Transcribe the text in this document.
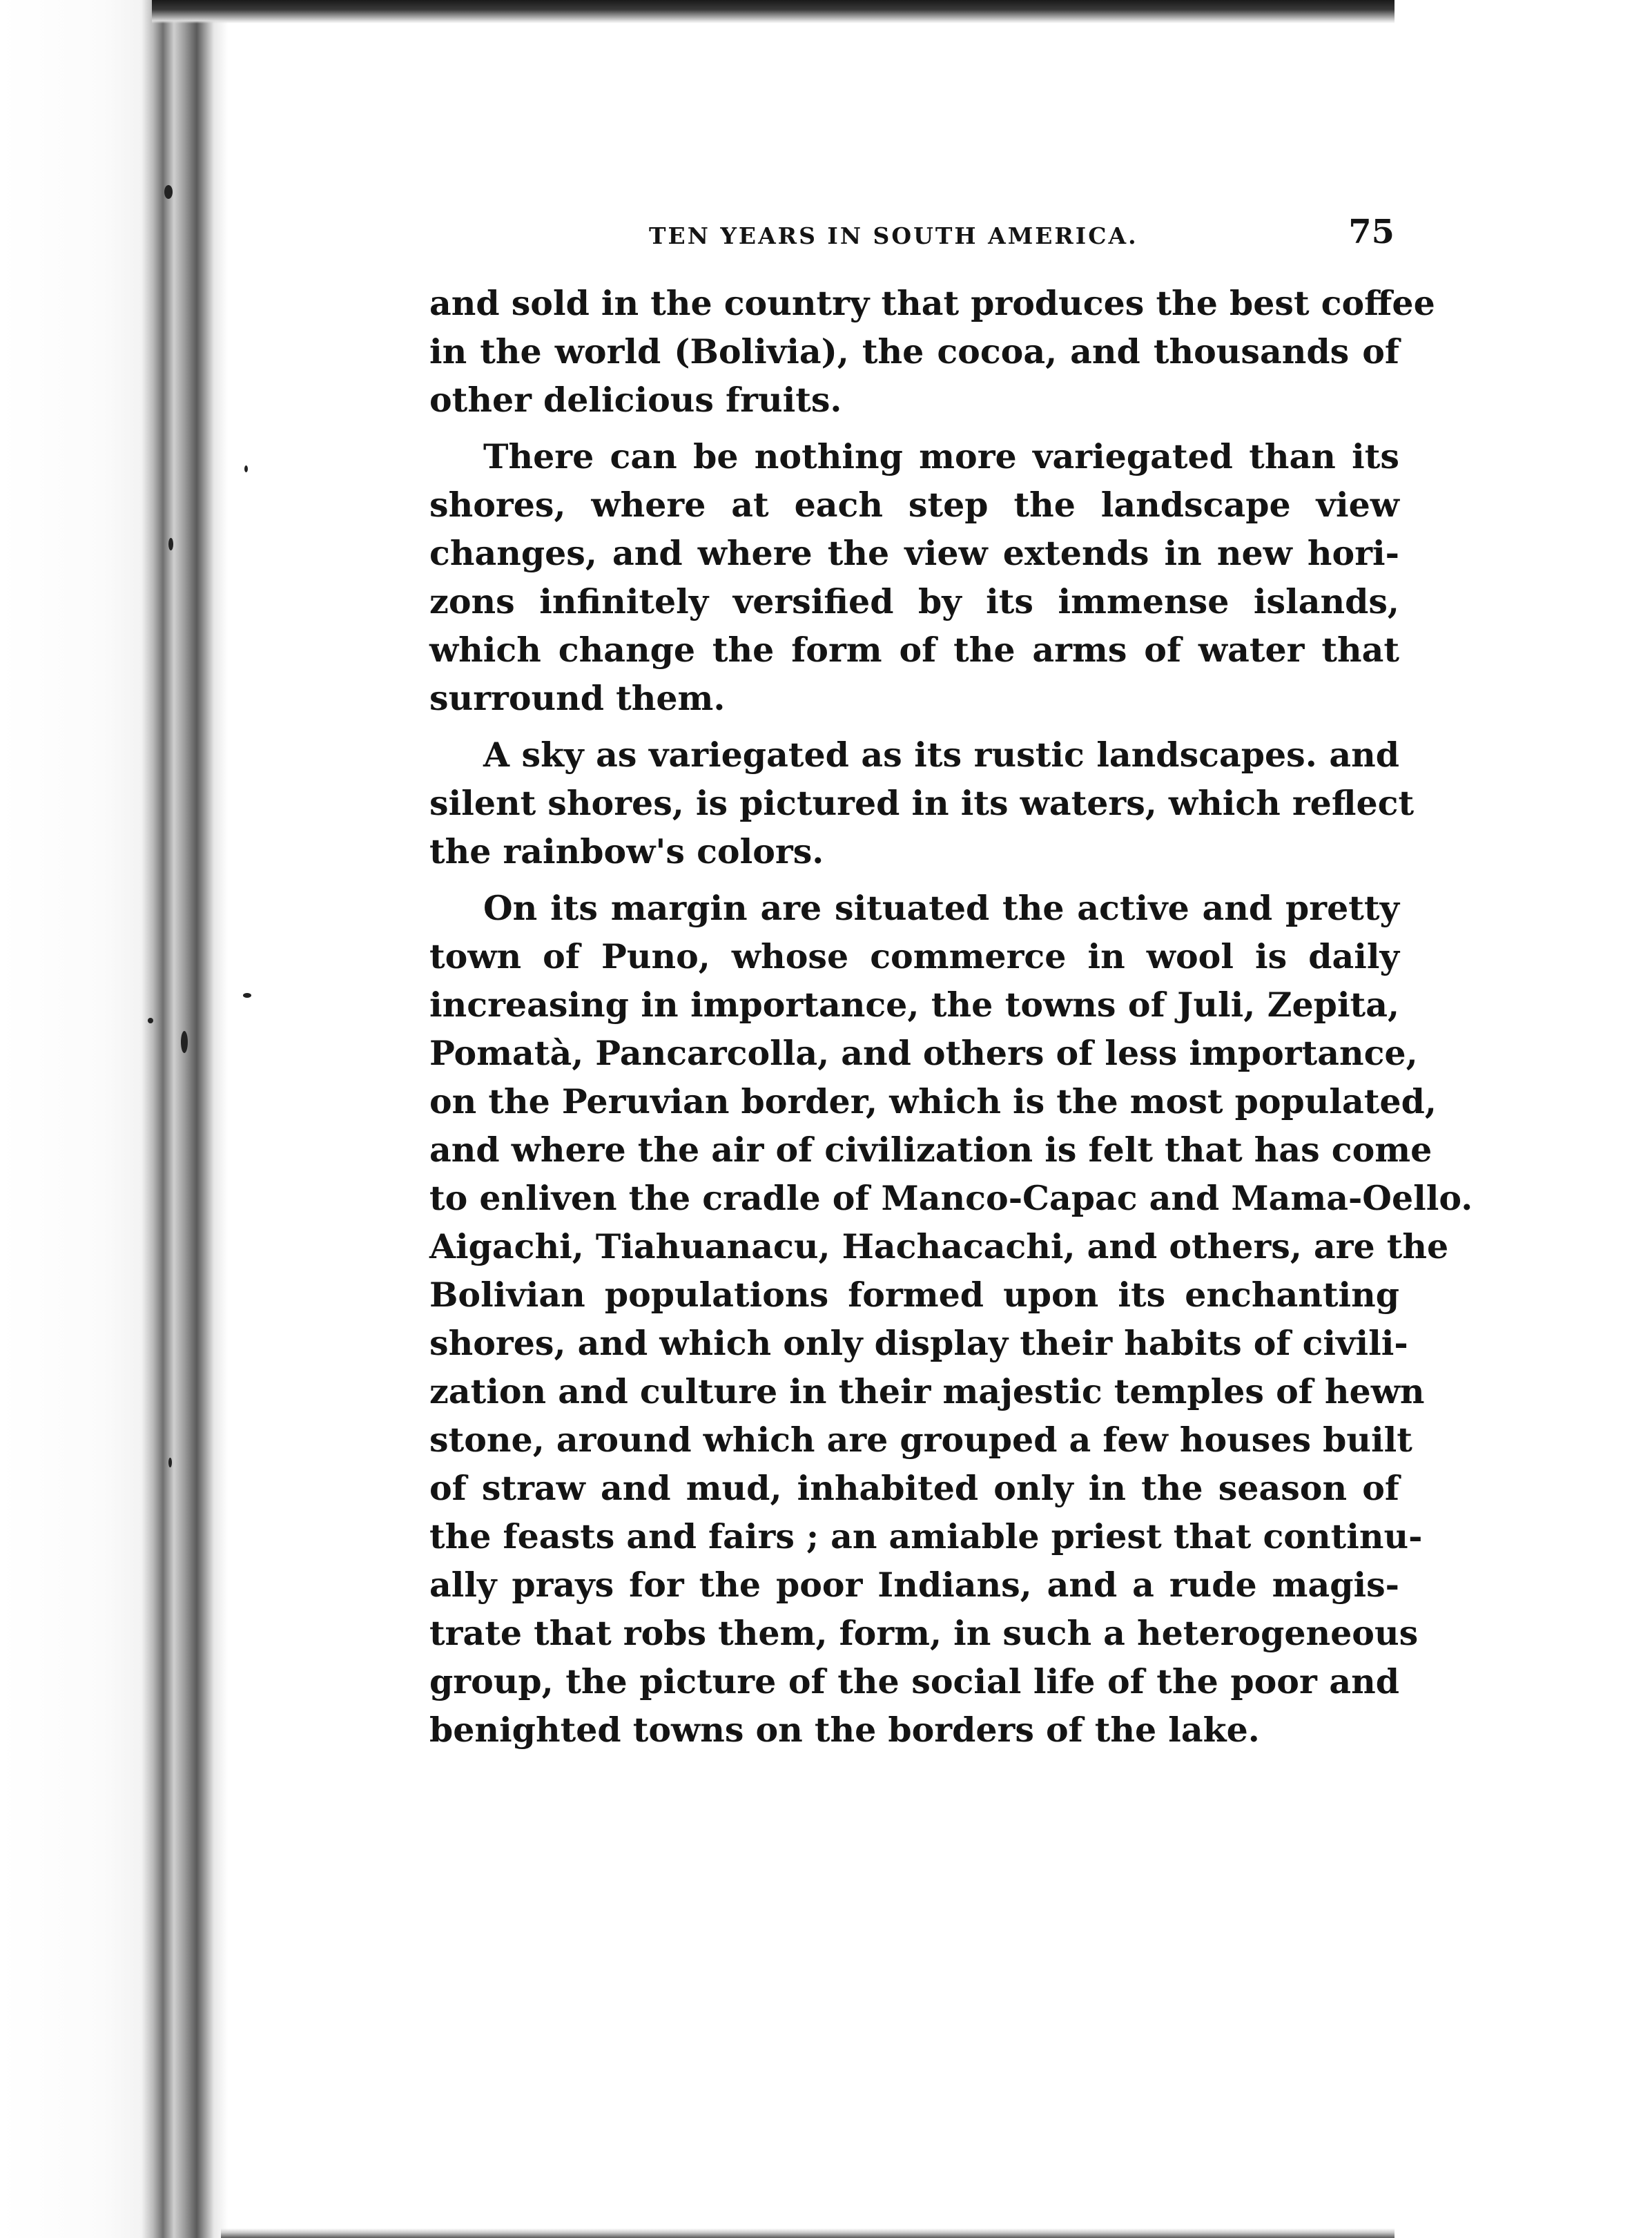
TEN YEARS IN SOUTH AMERICA.	75
and sold in the country that produces the best coffee
in the world (Bolivia), the cocoa, and thousands of
other delicious fruits.
There can be nothing more variegated than its
shores, where at each step the landscape view
changes, and where the view extends in new hori-
zons infinitely versified by its immense islands,
which change the form of the arms of water that
surround them.
A sky as variegated as its rustic landscapes. and
silent shores, is pictured in its waters, which reflect
the rainbow's colors.
On its margin are situated the active and pretty
town of Puno, whose commerce in wool is daily
increasing in importance, the towns of Juli, Zepita,
Pomatà, Pancarcolla, and others of less importance,
on the Peruvian border, which is the most populated,
and where the air of civilization is felt that has come
to enliven the cradle of Manco-Capac and Mama-Oello.
Aigachi, Tiahuanacu, Hachacachi, and others, are the
Bolivian populations formed upon its enchanting
shores, and which only display their habits of civili-
zation and culture in their majestic temples of hewn
stone, around which are grouped a few houses built
of straw and mud, inhabited only in the season of
the feasts and fairs ; an amiable priest that continu-
ally prays for the poor Indians, and a rude magis-
trate that robs them, form, in such a heterogeneous
group, the picture of the social life of the poor and
benighted towns on the borders of the lake.
